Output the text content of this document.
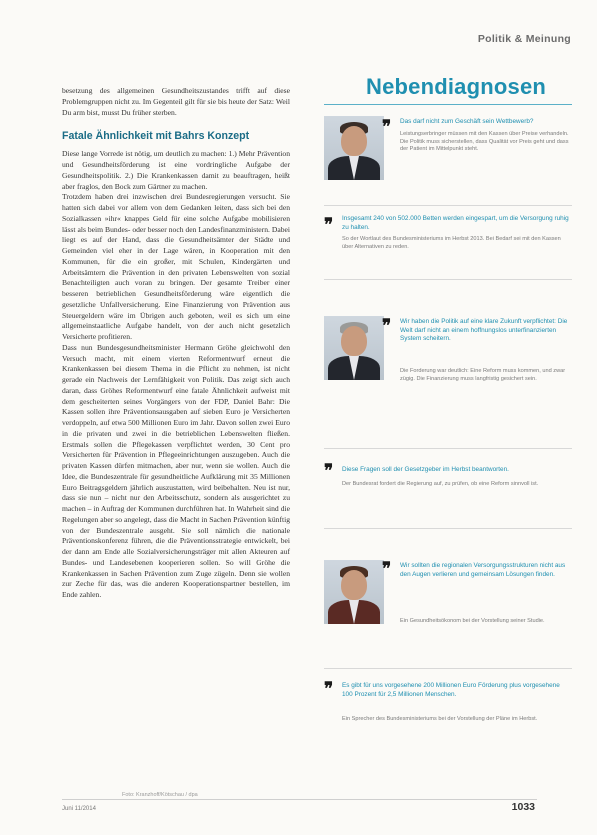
Politik & Meinung

besetzung des allgemeinen Gesundheitszustandes trifft auf diese Problemgruppen nicht zu. Im Gegenteil gilt für sie bis heute der Satz: Weil Du arm bist, musst Du früher sterben.

Fatale Ähnlichkeit mit Bahrs Konzept

Diese lange Vorrede ist nötig, um deutlich zu machen: 1.) Mehr Prävention und Gesundheitsförderung ist eine vordringliche Aufgabe der Gesundheitspolitik. 2.) Die Krankenkassen damit zu beauftragen, heißt aber fraglos, den Bock zum Gärtner zu machen.
Trotzdem haben drei inzwischen drei Bundesregierungen versucht. Sie hatten sich dabei vor allem von dem Gedanken leiten, dass sich bei den Sozialkassen »ihr« knappes Geld für eine solche Aufgabe mobilisieren lässt als beim Bundes- oder besser noch den Landesfinanzministern. Dabei liegt es auf der Hand, dass die Gesundheitsämter der Städte und Gemeinden viel eher in der Lage wären, in Kooperation mit den Kommunen, für die ein großer, mit Schulen, Kindergärten und Arbeitsämtern die Prävention in den privaten Lebenswelten von sozial Benachteiligten auch voran zu bringen. Der gesamte Treiber einer besseren betrieblichen Gesundheitsförderung wäre eigentlich die gesetzliche Unfallversicherung. Eine Finanzierung von Prävention aus Steuergeldern wäre im Übrigen auch geboten, weil es sich um eine allgemeinstaatliche Aufgabe handelt, von der auch nicht gesetzlich Versicherte profitieren.
Dass nun Bundesgesundheitsminister Hermann Gröhe gleichwohl den Versuch macht, mit einem vierten Reformentwurf erneut die Krankenkassen bei diesem Thema in die Pflicht zu nehmen, ist nicht gerade ein Nachweis der Lernfähigkeit von Politik. Das zeigt sich auch daran, dass Gröhes Reformentwurf eine fatale Ähnlichkeit aufweist mit dem gescheiterten seines Vorgängers von der FDP, Daniel Bahr: Die Kassen sollen ihre Präventionsausgaben auf sieben Euro je Versicherten verdoppeln, auf etwa 500 Millionen Euro im Jahr. Davon sollen zwei Euro in die privaten und zwei in die betrieblichen Lebenswelten fließen. Erstmals sollen die Pflegekassen verpflichtet werden, 30 Cent pro Versicherten für Prävention in Pflegeeinrichtungen auszugeben. Auch die privaten Kassen dürfen mitmachen, aber nur, wenn sie wollen. Auch die Idee, die Bundeszentrale für gesundheitliche Aufklärung mit 35 Millionen Euro Beitragsgeldern jährlich auszustatten, wird beibehalten. Neu ist nur, dass sie nun – nicht nur den Arbeitsschutz, sondern als ausgerichtet zu machen – in Auftrag der Kommunen durchführen hat. In Wahrheit sind die Regelungen aber so angelegt, dass die Macht in Sachen Prävention künftig von der Bundeszentrale ausgeht. Sie soll nämlich die nationale Präventionskonferenz führen, die die Präventionsstrategie entwickelt, bei der dann am Ende alle Sozialversicherungsträger mit allen Akteuren auf Bundes- und Landesebenen kooperieren sollen. So will Gröhe die Krankenkassen in Sachen Prävention zum Zuge zügeln. Denn sie wollen zur Zeche für das, was die anderen Kooperationspartner bestellen, im Ende zahlen.

Foto: Kranzhoff/Kötschau / dpa
Juni 11/2014	1033
Nebendiagnosen
❞ Das darf nicht zum Geschäft sein Wettbewerb?
Leistungserbringer müssen mit den Kassen über Preise verhandeln. Die Politik muss sicherstellen, dass Qualität vor Preis geht und dass der Patient im Mittelpunkt steht.
❞ Insgesamt 240 von 502.000 Betten werden eingespart, um die Versorgung ruhig zu halten.
So der Wortlaut des Bundesministeriums im Herbst 2013. Bei Bedarf sei mit den Kassen über Alternativen zu reden.
❞ Wir haben die Politik auf eine klare Zukunft verpflichtet: Die Welt darf nicht an einem hoffnungslos unterfinanzierten System scheitern.
Die Forderung war deutlich: Eine Reform muss kommen, und zwar zügig. Die Finanzierung muss langfristig gesichert sein.
❞ Diese Fragen soll der Gesetzgeber im Herbst beantworten.
Der Bundesrat fordert die Regierung auf, zu prüfen, ob eine Reform sinnvoll ist.
❞ Wir sollten die regionalen Versorgungsstrukturen nicht aus den Augen verlieren und gemeinsam Lösungen finden.
Ein Gesundheitsökonom bei der Vorstellung seiner Studie.
❞ Es gibt für uns vorgesehene 200 Millionen Euro Förderung plus vorgesehene 100 Prozent für 2,5 Millionen Menschen.
Ein Sprecher des Bundesministeriums bei der Vorstellung der Pläne im Herbst.
